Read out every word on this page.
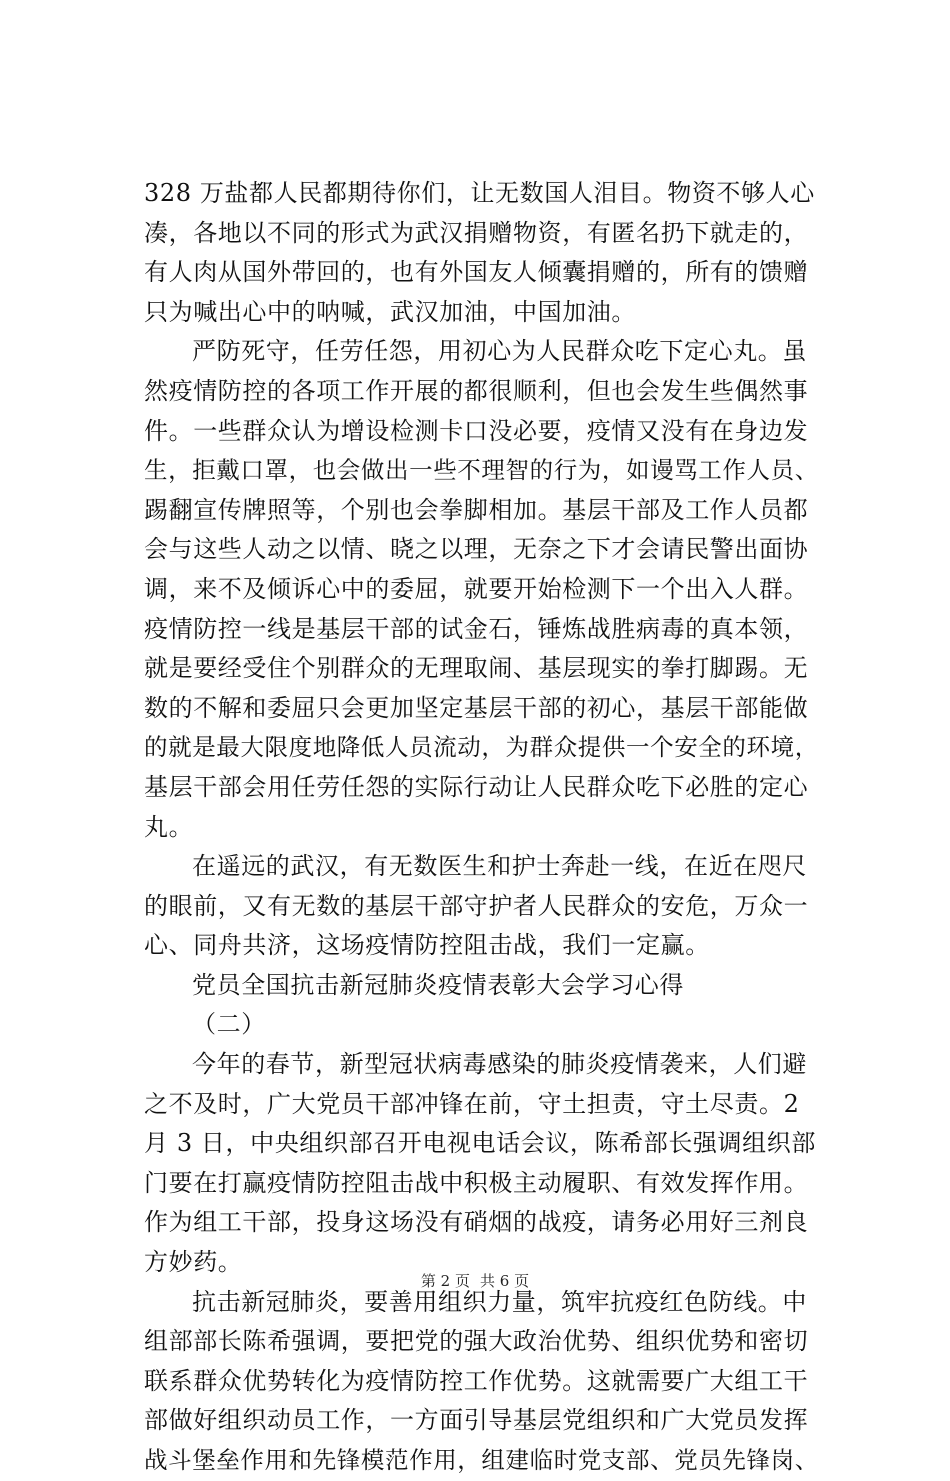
328 万盐都人民都期待你们，让无数国人泪目。物资不够人心
凑，各地以不同的形式为武汉捐赠物资，有匿名扔下就走的，
有人肉从国外带回的，也有外国友人倾囊捐赠的，所有的馈赠
只为喊出心中的呐喊，武汉加油，中国加油。
严防死守，任劳任怨，用初心为人民群众吃下定心丸。虽
然疫情防控的各项工作开展的都很顺利，但也会发生些偶然事
件。一些群众认为增设检测卡口没必要，疫情又没有在身边发
生，拒戴口罩，也会做出一些不理智的行为，如谩骂工作人员、
踢翻宣传牌照等，个别也会拳脚相加。基层干部及工作人员都
会与这些人动之以情、晓之以理，无奈之下才会请民警出面协
调，来不及倾诉心中的委屈，就要开始检测下一个出入人群。
疫情防控一线是基层干部的试金石，锤炼战胜病毒的真本领，
就是要经受住个别群众的无理取闹、基层现实的拳打脚踢。无
数的不解和委屈只会更加坚定基层干部的初心，基层干部能做
的就是最大限度地降低人员流动，为群众提供一个安全的环境，
基层干部会用任劳任怨的实际行动让人民群众吃下必胜的定心
丸。
在遥远的武汉，有无数医生和护士奔赴一线，在近在咫尺
的眼前，又有无数的基层干部守护者人民群众的安危，万众一
心、同舟共济，这场疫情防控阻击战，我们一定赢。
党员全国抗击新冠肺炎疫情表彰大会学习心得
（二）
今年的春节，新型冠状病毒感染的肺炎疫情袭来，人们避
之不及时，广大党员干部冲锋在前，守土担责，守土尽责。2
月 3 日，中央组织部召开电视电话会议，陈希部长强调组织部
门要在打赢疫情防控阻击战中积极主动履职、有效发挥作用。
作为组工干部，投身这场没有硝烟的战疫，请务必用好三剂良
方妙药。
抗击新冠肺炎，要善用组织力量，筑牢抗疫红色防线。中
组部部长陈希强调，要把党的强大政治优势、组织优势和密切
联系群众优势转化为疫情防控工作优势。这就需要广大组工干
部做好组织动员工作，一方面引导基层党组织和广大党员发挥
战斗堡垒作用和先锋模范作用，组建临时党支部、党员先锋岗、
第 2 页 共 6 页
